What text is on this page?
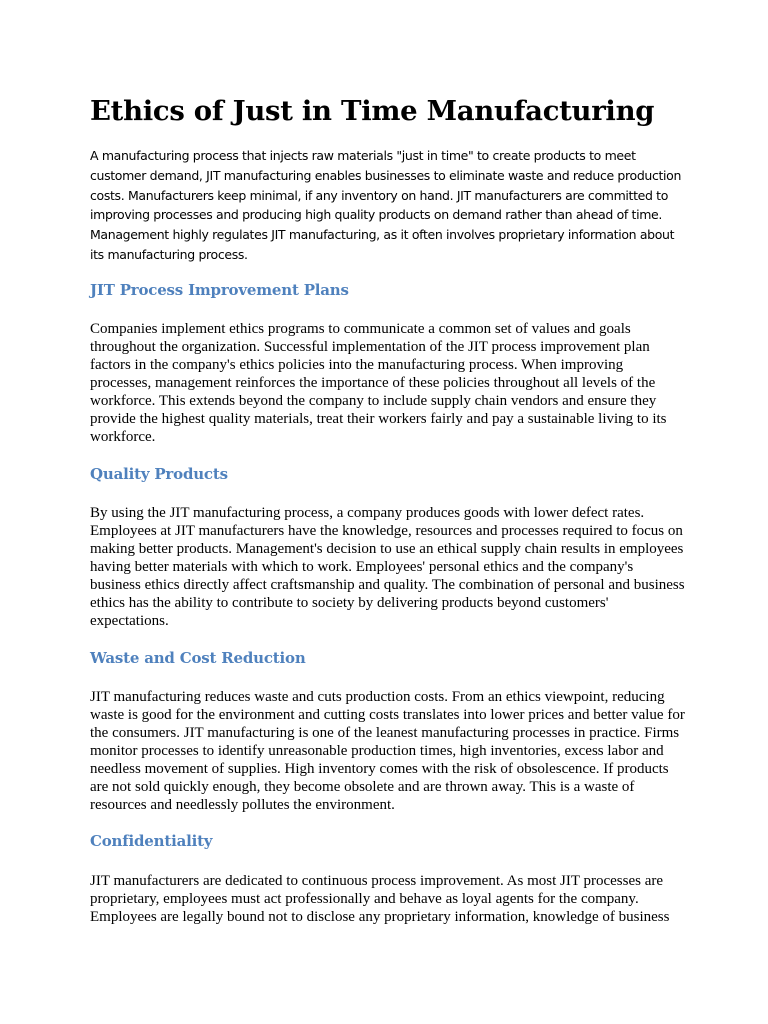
Ethics of Just in Time Manufacturing

A manufacturing process that injects raw materials "just in time" to create products to meet customer demand, JIT manufacturing enables businesses to eliminate waste and reduce production costs. Manufacturers keep minimal, if any inventory on hand. JIT manufacturers are committed to improving processes and producing high quality products on demand rather than ahead of time. Management highly regulates JIT manufacturing, as it often involves proprietary information about its manufacturing process.

JIT Process Improvement Plans

Companies implement ethics programs to communicate a common set of values and goals throughout the organization. Successful implementation of the JIT process improvement plan factors in the company's ethics policies into the manufacturing process. When improving processes, management reinforces the importance of these policies throughout all levels of the workforce. This extends beyond the company to include supply chain vendors and ensure they provide the highest quality materials, treat their workers fairly and pay a sustainable living to its workforce.

Quality Products

By using the JIT manufacturing process, a company produces goods with lower defect rates. Employees at JIT manufacturers have the knowledge, resources and processes required to focus on making better products. Management's decision to use an ethical supply chain results in employees having better materials with which to work. Employees' personal ethics and the company's business ethics directly affect craftsmanship and quality. The combination of personal and business ethics has the ability to contribute to society by delivering products beyond customers' expectations.

Waste and Cost Reduction

JIT manufacturing reduces waste and cuts production costs. From an ethics viewpoint, reducing waste is good for the environment and cutting costs translates into lower prices and better value for the consumers. JIT manufacturing is one of the leanest manufacturing processes in practice. Firms monitor processes to identify unreasonable production times, high inventories, excess labor and needless movement of supplies. High inventory comes with the risk of obsolescence. If products are not sold quickly enough, they become obsolete and are thrown away. This is a waste of resources and needlessly pollutes the environment.

Confidentiality

JIT manufacturers are dedicated to continuous process improvement. As most JIT processes are proprietary, employees must act professionally and behave as loyal agents for the company. Employees are legally bound not to disclose any proprietary information, knowledge of business
